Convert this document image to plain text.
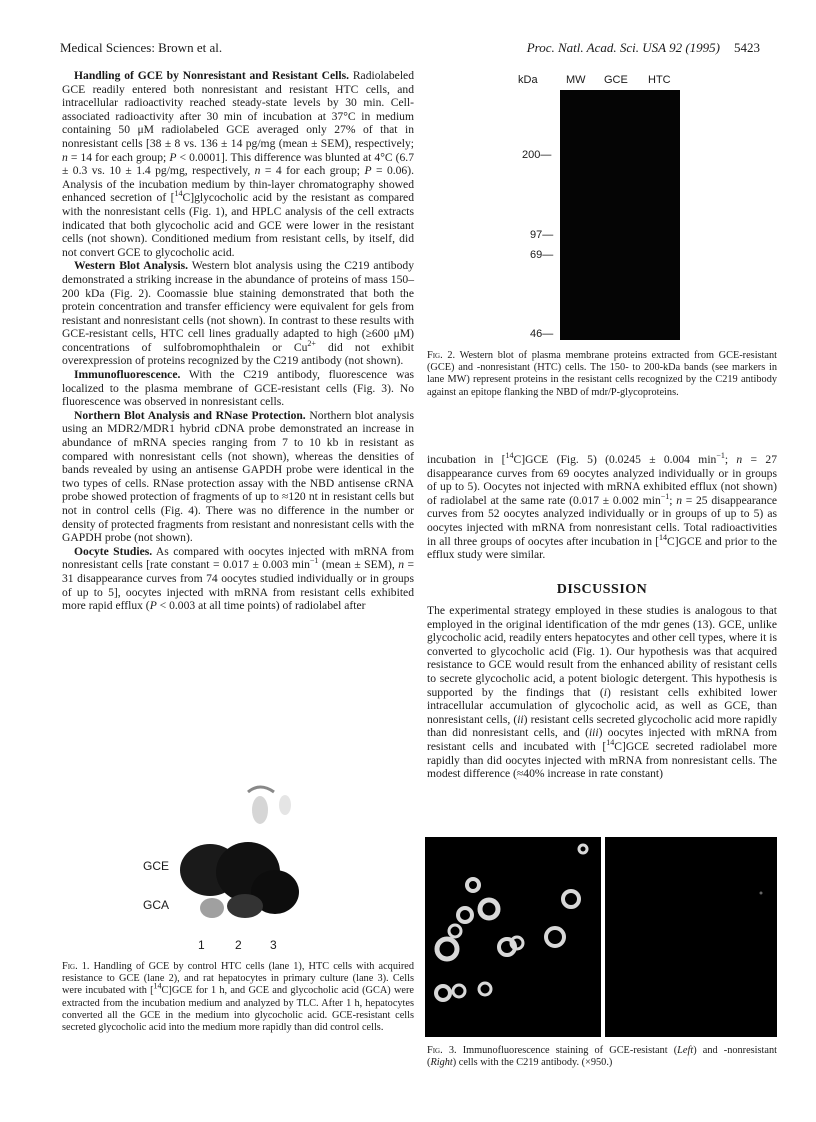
Medical Sciences: Brown et al.	Proc. Natl. Acad. Sci. USA 92 (1995) 5423

Handling of GCE by Nonresistant and Resistant Cells. Radiolabeled GCE readily entered both nonresistant and resistant HTC cells, and intracellular radioactivity reached steady-state levels by 30 min. Cell-associated radioactivity after 30 min of incubation at 37°C in medium containing 50 μM radiolabeled GCE averaged only 27% of that in nonresistant cells [38 ± 8 vs. 136 ± 14 pg/mg (mean ± SEM), respectively; n = 14 for each group; P < 0.0001]. This difference was blunted at 4°C (6.7 ± 0.3 vs. 10 ± 1.4 pg/mg, respectively, n = 4 for each group; P = 0.06). Analysis of the incubation medium by thin-layer chromatography showed enhanced secretion of [$^{14}$C]glycocholic acid by the resistant as compared with the nonresistant cells (Fig. 1), and HPLC analysis of the cell extracts indicated that both glycocholic acid and GCE were lower in the resistant cells (not shown). Conditioned medium from resistant cells, by itself, did not convert GCE to glycocholic acid.

Western Blot Analysis. Western blot analysis using the C219 antibody demonstrated a striking increase in the abundance of proteins of mass 150–200 kDa (Fig. 2). Coomassie blue staining demonstrated that both the protein concentration and transfer efficiency were equivalent for gels from resistant and nonresistant cells (not shown). In contrast to these results with GCE-resistant cells, HTC cell lines gradually adapted to high (≥600 μM) concentrations of sulfobromophthalein or $Cu^{2+}$ did not exhibit overexpression of proteins recognized by the C219 antibody (not shown).

Immunofluorescence. With the C219 antibody, fluorescence was localized to the plasma membrane of GCE-resistant cells (Fig. 3). No fluorescence was observed in nonresistant cells.

Northern Blot Analysis and RNase Protection. Northern blot analysis using an MDR2/MDR1 hybrid cDNA probe demonstrated an increase in abundance of mRNA species ranging from 7 to 10 kb in resistant as compared with nonresistant cells (not shown), whereas the densities of bands revealed by using an antisense GAPDH probe were identical in the two types of cells. RNase protection assay with the NBD antisense cRNA probe showed protection of fragments of up to ≈120 nt in resistant cells but not in control cells (Fig. 4). There was no difference in the number or density of protected fragments from resistant and nonresistant cells with the GAPDH probe (not shown).

Oocyte Studies. As compared with oocytes injected with mRNA from nonresistant cells [rate constant = 0.017 ± 0.003 $\min^{-1}$ (mean ± SEM), n = 31 disappearance curves from 74 oocytes studied individually or in groups of up to 5], oocytes injected with mRNA from resistant cells exhibited more rapid efflux (P < 0.003 at all time points) of radiolabel after

GCE
GCA
1	2 3
Fig. 1. Handling of GCE by control HTC cells (lane 1), HTC cells with acquired resistance to GCE (lane 2), and rat hepatocytes in primary culture (lane 3). Cells were incubated with [$^{14}$C]GCE for 1 h, and GCE and glycocholic acid (GCA) were extracted from the incubation medium and analyzed by TLC. After 1 h, hepatocytes converted all the GCE in the medium into glycocholic acid. GCE-resistant cells secreted glycocholic acid into the medium more rapidly than did control cells.
kDa	MW GCE HTC
200—
97—
69—
46—
Fig. 2. Western blot of plasma membrane proteins extracted from GCE-resistant (GCE) and -nonresistant (HTC) cells. The 150- to 200-kDa bands (see markers in lane MW) represent proteins in the resistant cells recognized by the C219 antibody against an epitope flanking the NBD of mdr/P-glycoproteins.

incubation in [$^{14}$C]GCE (Fig. 5) (0.0245 ± 0.004 $\min^{-1}$; n = 27 disappearance curves from 69 oocytes analyzed individually or in groups of up to 5). Oocytes not injected with mRNA exhibited efflux (not shown) of radiolabel at the same rate (0.017 ± 0.002 $\min^{-1}$; n = 25 disappearance curves from 52 oocytes analyzed individually or in groups of up to 5) as oocytes injected with mRNA from nonresistant cells. Total radioactivities in all three groups of oocytes after incubation in [$^{14}$C]GCE and prior to the efflux study were similar.

DISCUSSION

The experimental strategy employed in these studies is analogous to that employed in the original identification of the mdr genes (13). GCE, unlike glycocholic acid, readily enters hepatocytes and other cell types, where it is converted to glycocholic acid (Fig. 1). Our hypothesis was that acquired resistance to GCE would result from the enhanced ability of resistant cells to secrete glycocholic acid, a potent biologic detergent. This hypothesis is supported by the findings that (i) resistant cells exhibited lower intracellular accumulation of glycocholic acid, as well as GCE, than nonresistant cells, (ii) resistant cells secreted glycocholic acid more rapidly than did nonresistant cells, and (iii) oocytes injected with mRNA from resistant cells and incubated with [$^{14}$C]GCE secreted radiolabel more rapidly than did oocytes injected with mRNA from nonresistant cells. The modest difference (≈40% increase in rate constant)

Fig. 3. Immunofluorescence staining of GCE-resistant (Left) and -nonresistant (Right) cells with the C219 antibody. (×950.)
